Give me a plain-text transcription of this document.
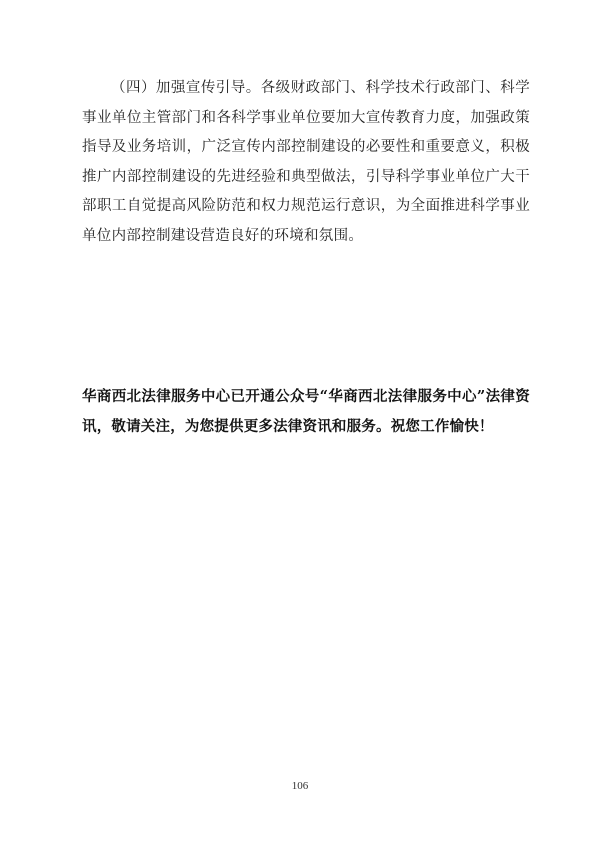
（四）加强宣传引导。各级财政部门、科学技术行政部门、科学事业单位主管部门和各科学事业单位要加大宣传教育力度，加强政策指导及业务培训，广泛宣传内部控制建设的必要性和重要意义，积极推广内部控制建设的先进经验和典型做法，引导科学事业单位广大干部职工自觉提高风险防范和权力规范运行意识，为全面推进科学事业单位内部控制建设营造良好的环境和氛围。

华商西北法律服务中心已开通公众号“华商西北法律服务中心”法律资讯，敬请关注，为您提供更多法律资讯和服务。祝您工作愉快！

106
